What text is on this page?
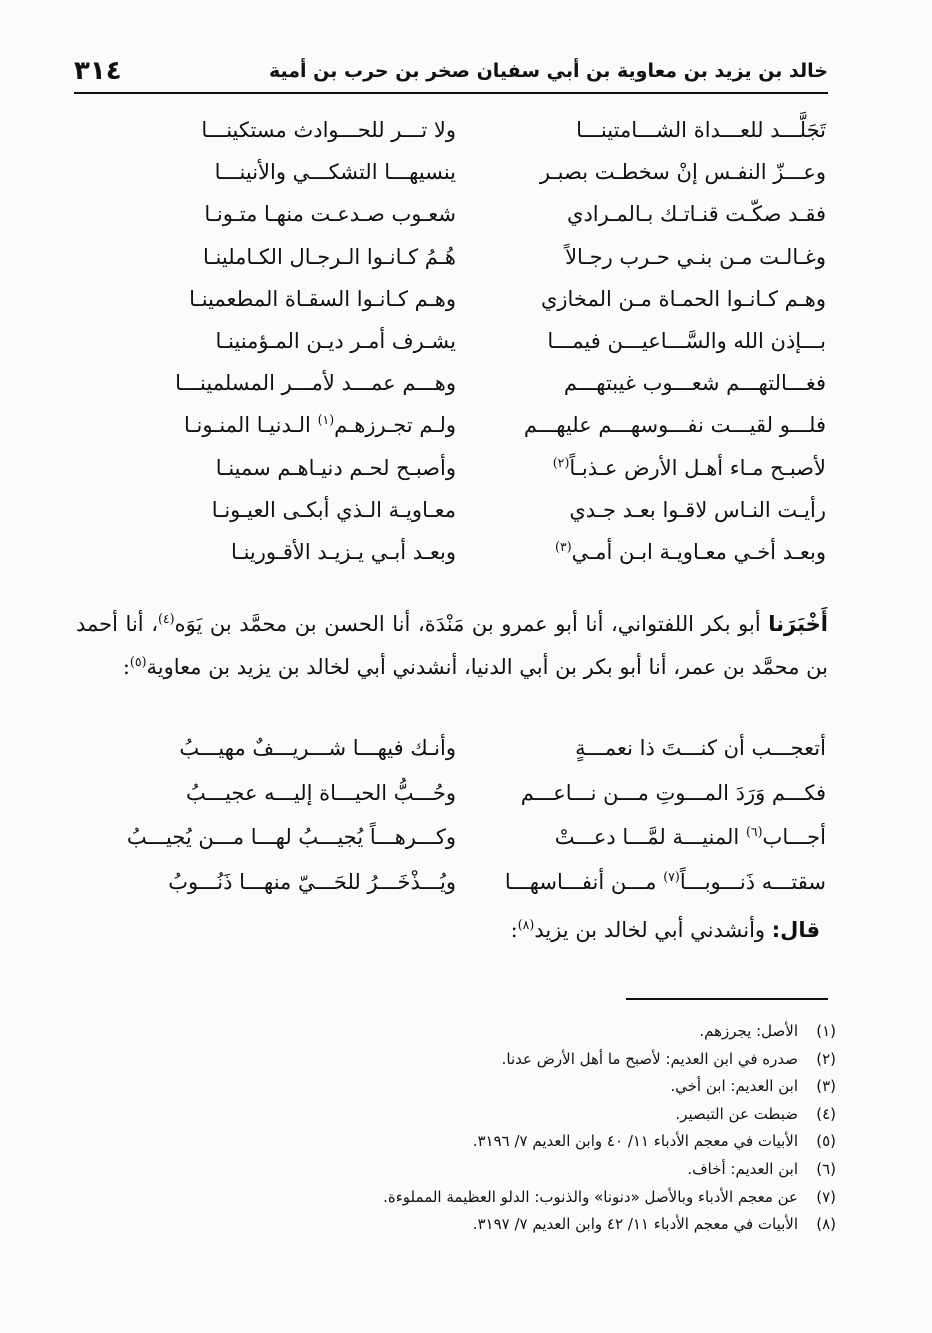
خالد بن يزيد بن معاوية بن أبي سفيان صخر بن حرب بن أمية
٣١٤
تَجَلَّـــد للعـــداة الشـــامتينـــا
ولا تـــر للحـــوادث مستكينـــا
وعـــزّ النفـس إنْ سخطـت بصبـر
ينسيهـــا التشكـــي والأنينـــا
فقـد صكّـت قنـاتـك بـالمـرادي
شعـوب صـدعـت منهـا متـونـا
وغـالـت مـن بنـي حـرب رجـالاً
هُـمُ كـانـوا الـرجـال الكـاملينـا
وهـم كـانـوا الحمـاة مـن المخازي
وهـم كـانـوا السقـاة المطعمينـا
بـــإذن الله والسَّـــاعيـــن فيمـــا
يشـرف أمـر ديـن المـؤمنينـا
فغـــالتهـــم شعـــوب غيبتهـــم
وهـــم عمـــد لأمـــر المسلمينـــا
فلـــو لقيـــت نفـــوسهـــم عليهـــم
ولـم تجـرزهـم$^{(١)}$ الـدنيـا المنـونـا
لأصبـح مـاء أهـل الأرض عـذبـاً$^{(٢)}$
وأصبـح لحـم دنيـاهـم سمينـا
رأيـت النـاس لاقـوا بعـد جـدي
معـاويـة الـذي أبكـى العيـونـا
وبعـد أخـي معـاويـة ابـن أمـي$^{(٣)}$
وبعـد أبـي يـزيـد الأقـورينـا

أَخْبَرَنا أبو بكر اللفتواني، أنا أبو عمرو بن مَنْدَة، أنا الحسن بن محمَّد بن يَوَه$^{(٤)}$، أنا أحمد بن محمَّد بن عمر، أنا أبو بكر بن أبي الدنيا، أنشدني أبي لخالد بن يزيد بن معاوية$^{(٥)}$:

أتعجـــب أن كنـــتَ ذا نعمـــةٍ
وأنـك فيهـــا شـــريـــفٌ مهيـــبُ
فكـــم وَرَدَ المـــوتِ مـــن نـــاعـــم
وحُـــبُّ الحيـــاة إليـــه عجيـــبُ
أجـــاب$^{(٦)}$ المنيـــة لمَّـــا دعـــتْ
وكـــرهـــاً يُجيـــبُ لهـــا مـــن يُجيـــبُ
سقتـــه ذَنـــوبـــاً$^{(٧)}$ مـــن أنفـــاسهـــا
ويُـــذْخَـــرُ للحَـــيّ منهـــا ذَنُـــوبُ
قال: وأنشدني أبي لخالد بن يزيد$^{(٨)}$:
(١)الأصل: يجرزهم.
(٢)صدره في ابن العديم: لأصبح ما أهل الأرض عدنا.
(٣)ابن العديم: ابن أخي.
(٤)ضبطت عن التبصير.
(٥)الأبيات في معجم الأدباء ١١/ ٤٠ وابن العديم ٧/ ٣١٩٦.
(٦)ابن العديم: أخاف.
(٧)عن معجم الأدباء وبالأصل «دنونا» والذنوب: الدلو العظيمة المملوءة.
(٨)الأبيات في معجم الأدباء ١١/ ٤٢ وابن العديم ٧/ ٣١٩٧.
